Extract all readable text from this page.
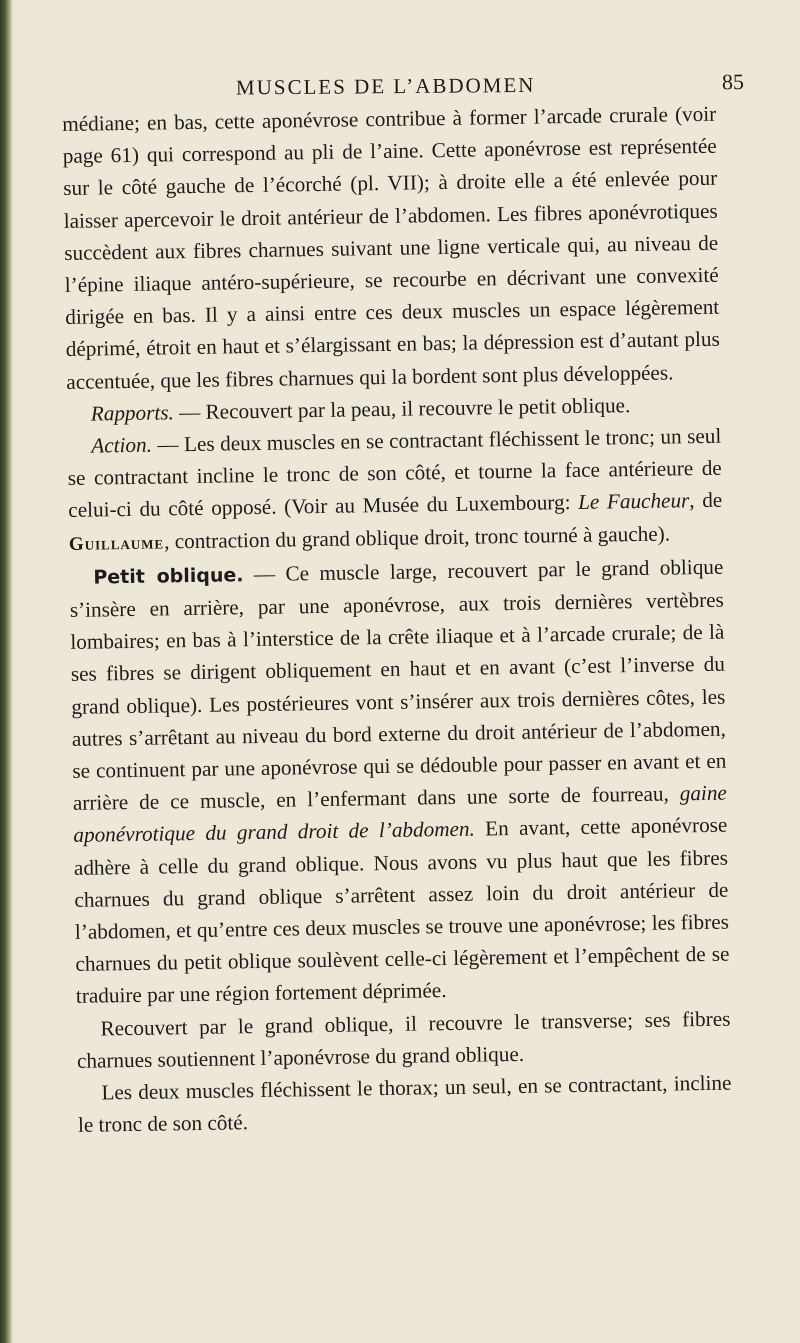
MUSCLES DE L’ABDOMEN	85

médiane; en bas, cette aponévrose contribue à former l’arcade crurale (voir page 61) qui correspond au pli de l’aine. Cette aponévrose est représentée sur le côté gauche de l’écorché (pl. VII); à droite elle a été enlevée pour laisser apercevoir le droit antérieur de l’abdomen. Les fibres aponévrotiques succèdent aux fibres charnues suivant une ligne verticale qui, au niveau de l’épine iliaque antéro-supérieure, se recourbe en décrivant une convexité dirigée en bas. Il y a ainsi entre ces deux muscles un espace légèrement déprimé, étroit en haut et s’élargissant en bas; la dépression est d’autant plus accentuée, que les fibres charnues qui la bordent sont plus développées.

Rapports. — Recouvert par la peau, il recouvre le petit oblique.

Action. — Les deux muscles en se contractant fléchissent le tronc; un seul se contractant incline le tronc de son côté, et tourne la face antérieure de celui-ci du côté opposé. (Voir au Musée du Luxembourg: Le Faucheur, de Guillaume, contraction du grand oblique droit, tronc tourné à gauche).

Petit oblique. — Ce muscle large, recouvert par le grand oblique s’insère en arrière, par une aponévrose, aux trois dernières vertèbres lombaires; en bas à l’interstice de la crête iliaque et à l’arcade crurale; de là ses fibres se dirigent obliquement en haut et en avant (c’est l’inverse du grand oblique). Les postérieures vont s’insérer aux trois dernières côtes, les autres s’arrêtant au niveau du bord externe du droit antérieur de l’abdomen, se continuent par une aponévrose qui se dédouble pour passer en avant et en arrière de ce muscle, en l’enfermant dans une sorte de fourreau, gaine aponévrotique du grand droit de l’abdomen. En avant, cette aponévrose adhère à celle du grand oblique. Nous avons vu plus haut que les fibres charnues du grand oblique s’arrêtent assez loin du droit antérieur de l’abdomen, et qu’entre ces deux muscles se trouve une aponévrose; les fibres charnues du petit oblique soulèvent celle-ci légèrement et l’empêchent de se traduire par une région fortement déprimée.

Recouvert par le grand oblique, il recouvre le transverse; ses fibres charnues soutiennent l’aponévrose du grand oblique.

Les deux muscles fléchissent le thorax; un seul, en se contractant, incline le tronc de son côté.
